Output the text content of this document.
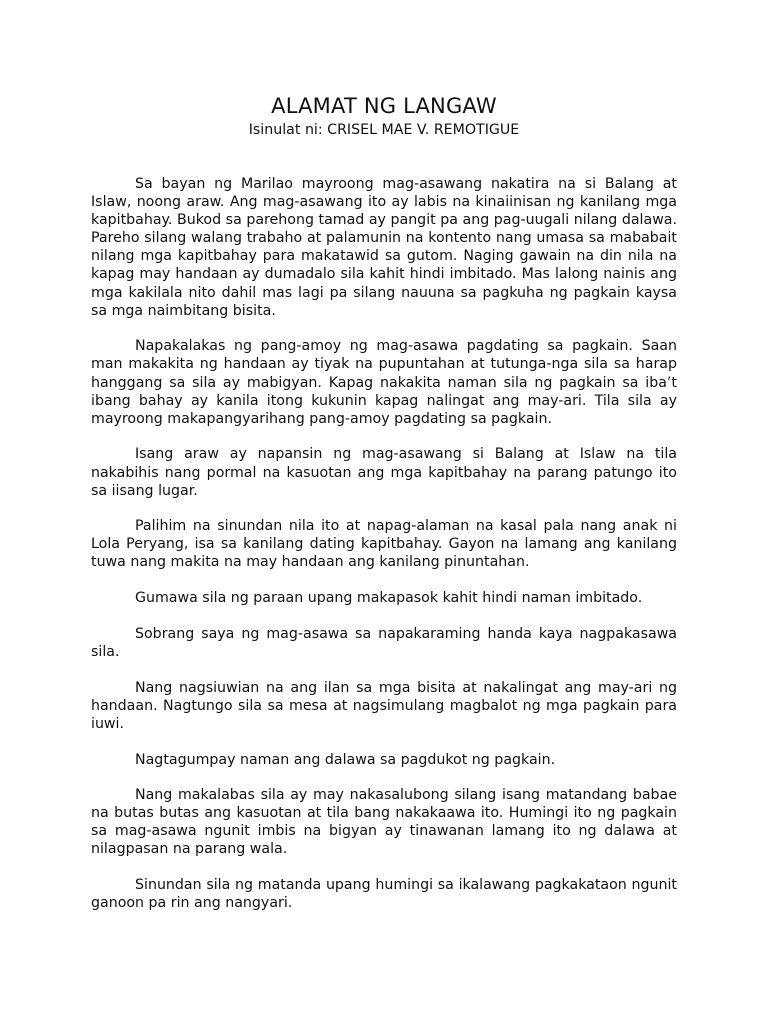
ALAMAT NG LANGAW
Isinulat ni: CRISEL MAE V. REMOTIGUE

Sa bayan ng Marilao mayroong mag-asawang nakatira na si Balang at Islaw, noong araw. Ang mag-asawang ito ay labis na kinaiinisan ng kanilang mga kapitbahay. Bukod sa parehong tamad ay pangit pa ang pag-uugali nilang dalawa. Pareho silang walang trabaho at palamunin na kontento nang umasa sa mababait nilang mga kapitbahay para makatawid sa gutom. Naging gawain na din nila na kapag may handaan ay dumadalo sila kahit hindi imbitado. Mas lalong nainis ang mga kakilala nito dahil mas lagi pa silang nauuna sa pagkuha ng pagkain kaysa sa mga naimbitang bisita.

Napakalakas ng pang-amoy ng mag-asawa pagdating sa pagkain. Saan man makakita ng handaan ay tiyak na pupuntahan at tutunga-nga sila sa harap hanggang sa sila ay mabigyan. Kapag nakakita naman sila ng pagkain sa iba’t ibang bahay ay kanila itong kukunin kapag nalingat ang may-ari. Tila sila ay mayroong makapangyarihang pang-amoy pagdating sa pagkain.

Isang araw ay napansin ng mag-asawang si Balang at Islaw na tila nakabihis nang pormal na kasuotan ang mga kapitbahay na parang patungo ito sa iisang lugar.

Palihim na sinundan nila ito at napag-alaman na kasal pala nang anak ni Lola Peryang, isa sa kanilang dating kapitbahay. Gayon na lamang ang kanilang tuwa nang makita na may handaan ang kanilang pinuntahan.

Gumawa sila ng paraan upang makapasok kahit hindi naman imbitado.

Sobrang saya ng mag-asawa sa napakaraming handa kaya nagpakasawa sila.

Nang nagsiuwian na ang ilan sa mga bisita at nakalingat ang may-ari ng handaan. Nagtungo sila sa mesa at nagsimulang magbalot ng mga pagkain para iuwi.

Nagtagumpay naman ang dalawa sa pagdukot ng pagkain.

Nang makalabas sila ay may nakasalubong silang isang matandang babae na butas butas ang kasuotan at tila bang nakakaawa ito. Humingi ito ng pagkain sa mag-asawa ngunit imbis na bigyan ay tinawanan lamang ito ng dalawa at nilagpasan na parang wala.

Sinundan sila ng matanda upang humingi sa ikalawang pagkakataon ngunit ganoon pa rin ang nangyari.
